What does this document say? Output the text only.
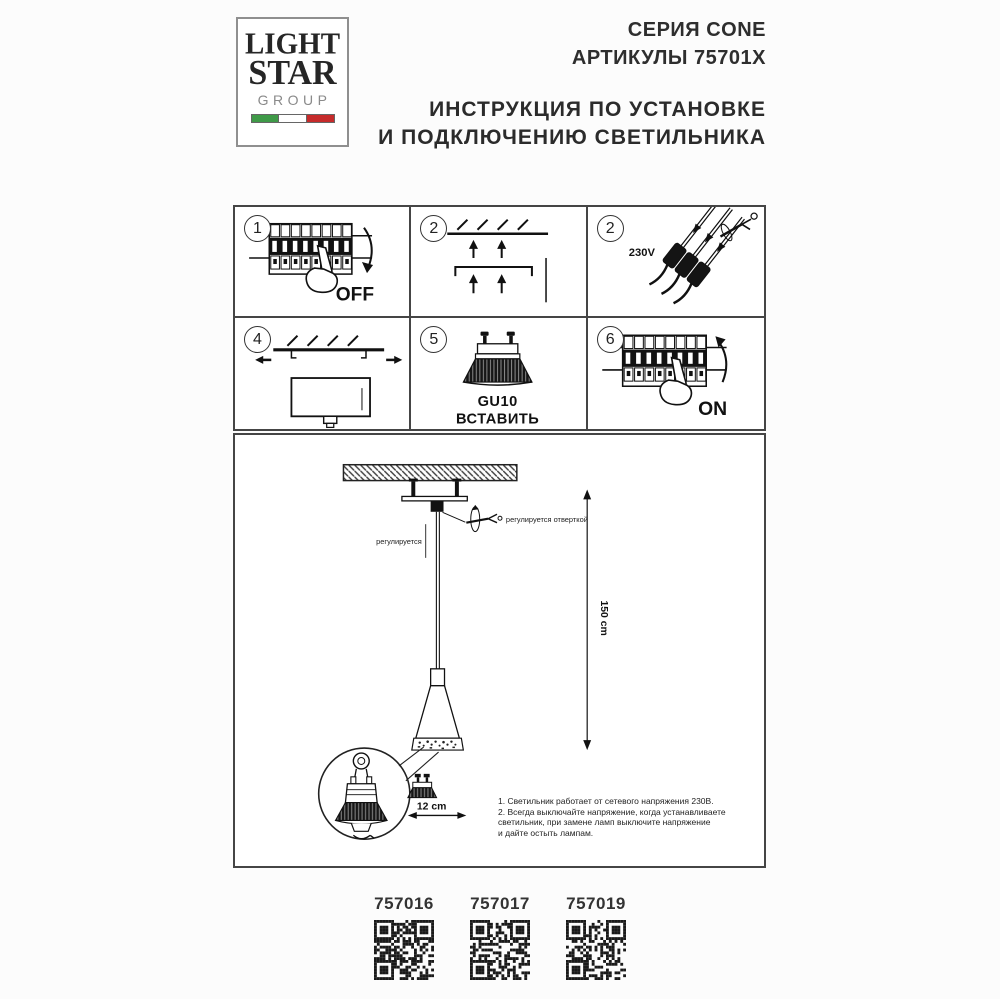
LIGHT
STAR
GROUP
СЕРИЯ CONE
АРТИКУЛЫ 75701X
ИНСТРУКЦИЯ ПО УСТАНОВКЕ
И ПОДКЛЮЧЕНИЮ СВЕТИЛЬНИКА
1
OFF
2	2
230V
4	5
GU10
ВСТАВИТЬ
6
ON
регулируется отверткой
регулируется
150 cm
12 cm
1. Светильник работает от сетевого напряжения 230В.
2. Всегда выключайте напряжение, когда устанавливаете
светильник, при замене ламп выключите напряжение
и дайте остыть лампам.
757016	757017	757019
